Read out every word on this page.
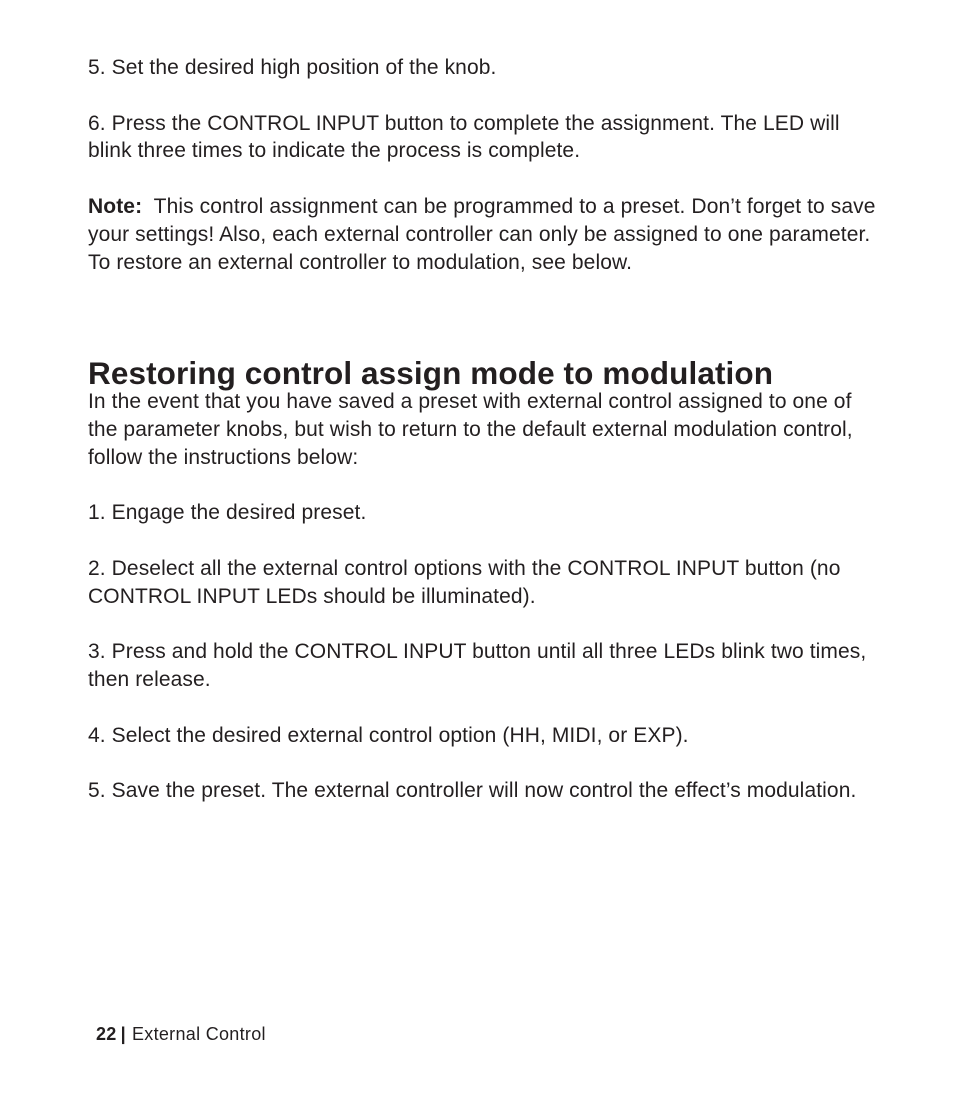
5. Set the desired high position of the knob.

6. Press the CONTROL INPUT button to complete the assignment. The LED will blink three times to indicate the process is complete.

Note: This control assignment can be programmed to a preset. Don’t forget to save your settings! Also, each external controller can only be assigned to one parameter. To restore an external controller to modulation, see below.

Restoring control assign mode to modulation

In the event that you have saved a preset with external control assigned to one of the parameter knobs, but wish to return to the default external modulation control, follow the instructions below:

1. Engage the desired preset.

2. Deselect all the external control options with the CONTROL INPUT button (no CONTROL INPUT LEDs should be illuminated).

3. Press and hold the CONTROL INPUT button until all three LEDs blink two times, then release.

4. Select the desired external control option (HH, MIDI, or EXP).

5. Save the preset. The external controller will now control the effect’s modulation.

22 | External Control
